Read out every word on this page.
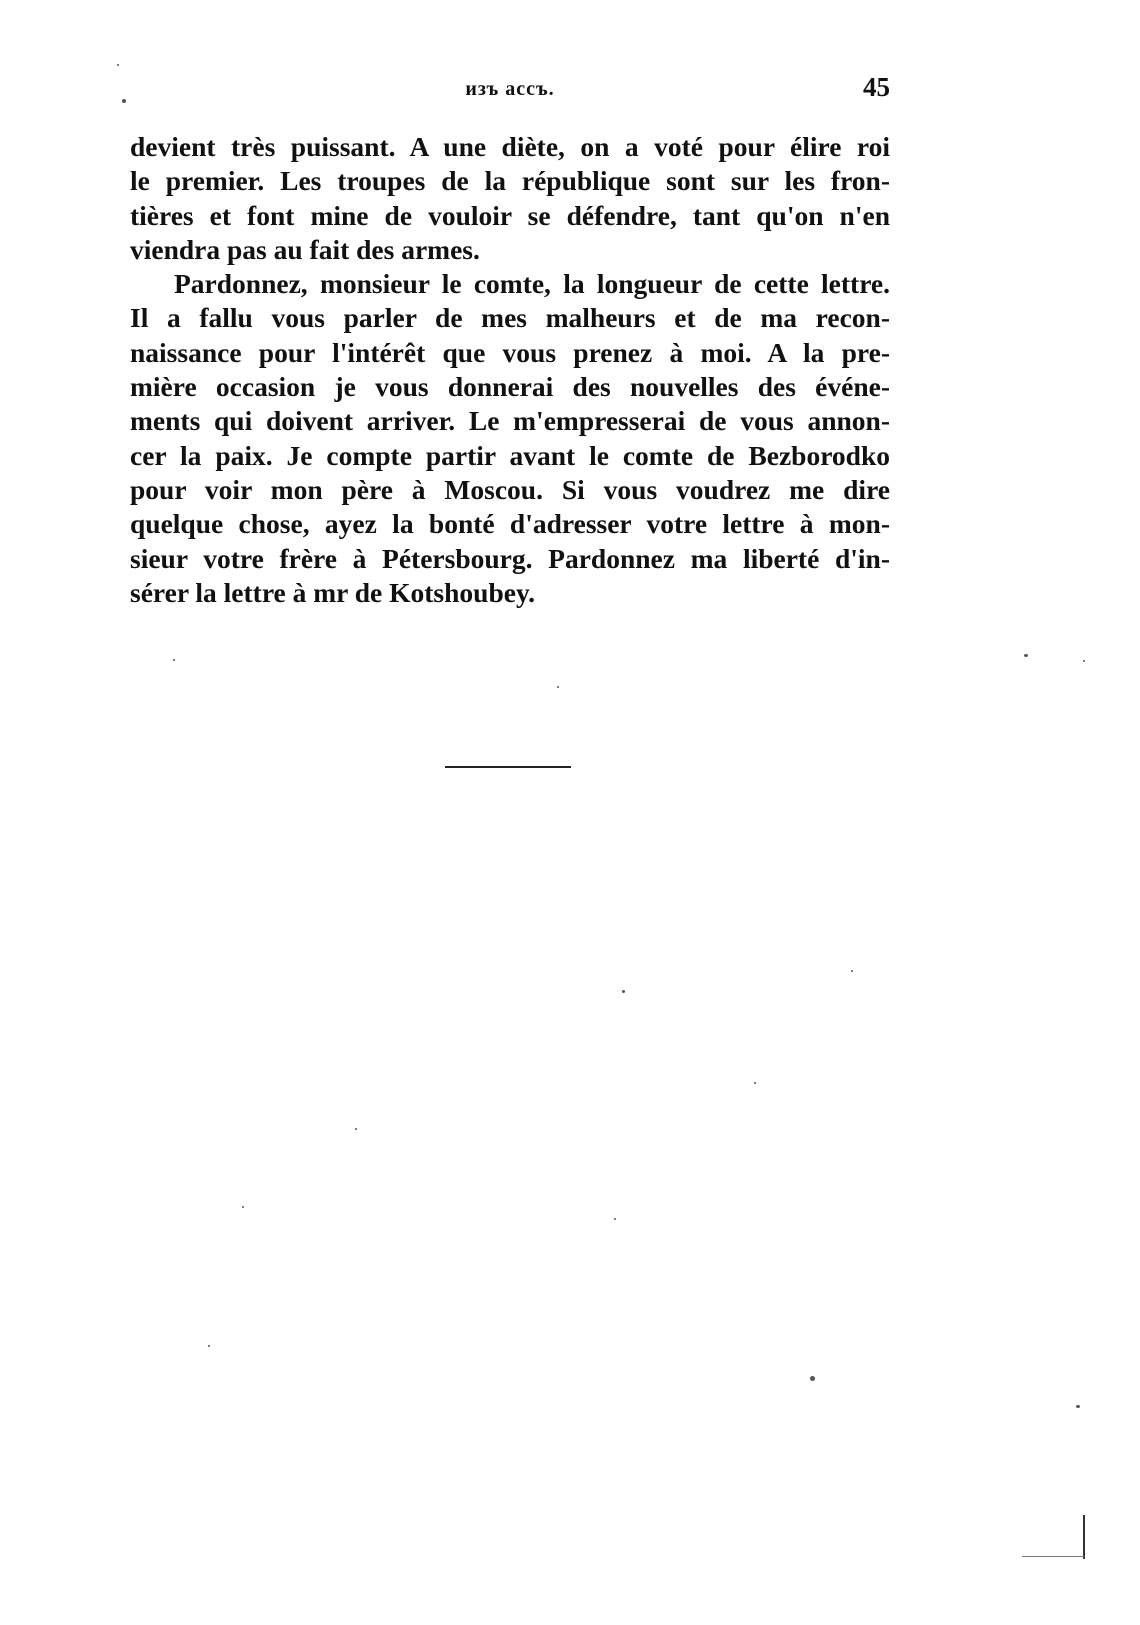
изъ ассъ.	45
devient très puissant. A une diète, on a voté pour élire roi
le premier. Les troupes de la république sont sur les fron-
tières et font mine de vouloir se défendre, tant qu'on n'en
viendra pas au fait des armes.
Pardonnez, monsieur le comte, la longueur de cette lettre.
Il a fallu vous parler de mes malheurs et de ma recon-
naissance pour l'intérêt que vous prenez à moi. A la pre-
mière occasion je vous donnerai des nouvelles des événe-
ments qui doivent arriver. Le m'empresserai de vous annon-
cer la paix. Je compte partir avant le comte de Bezborodko
pour voir mon père à Moscou. Si vous voudrez me dire
quelque chose, ayez la bonté d'adresser votre lettre à mon-
sieur votre frère à Pétersbourg. Pardonnez ma liberté d'in-
sérer la lettre à mr de Kotshoubey.
